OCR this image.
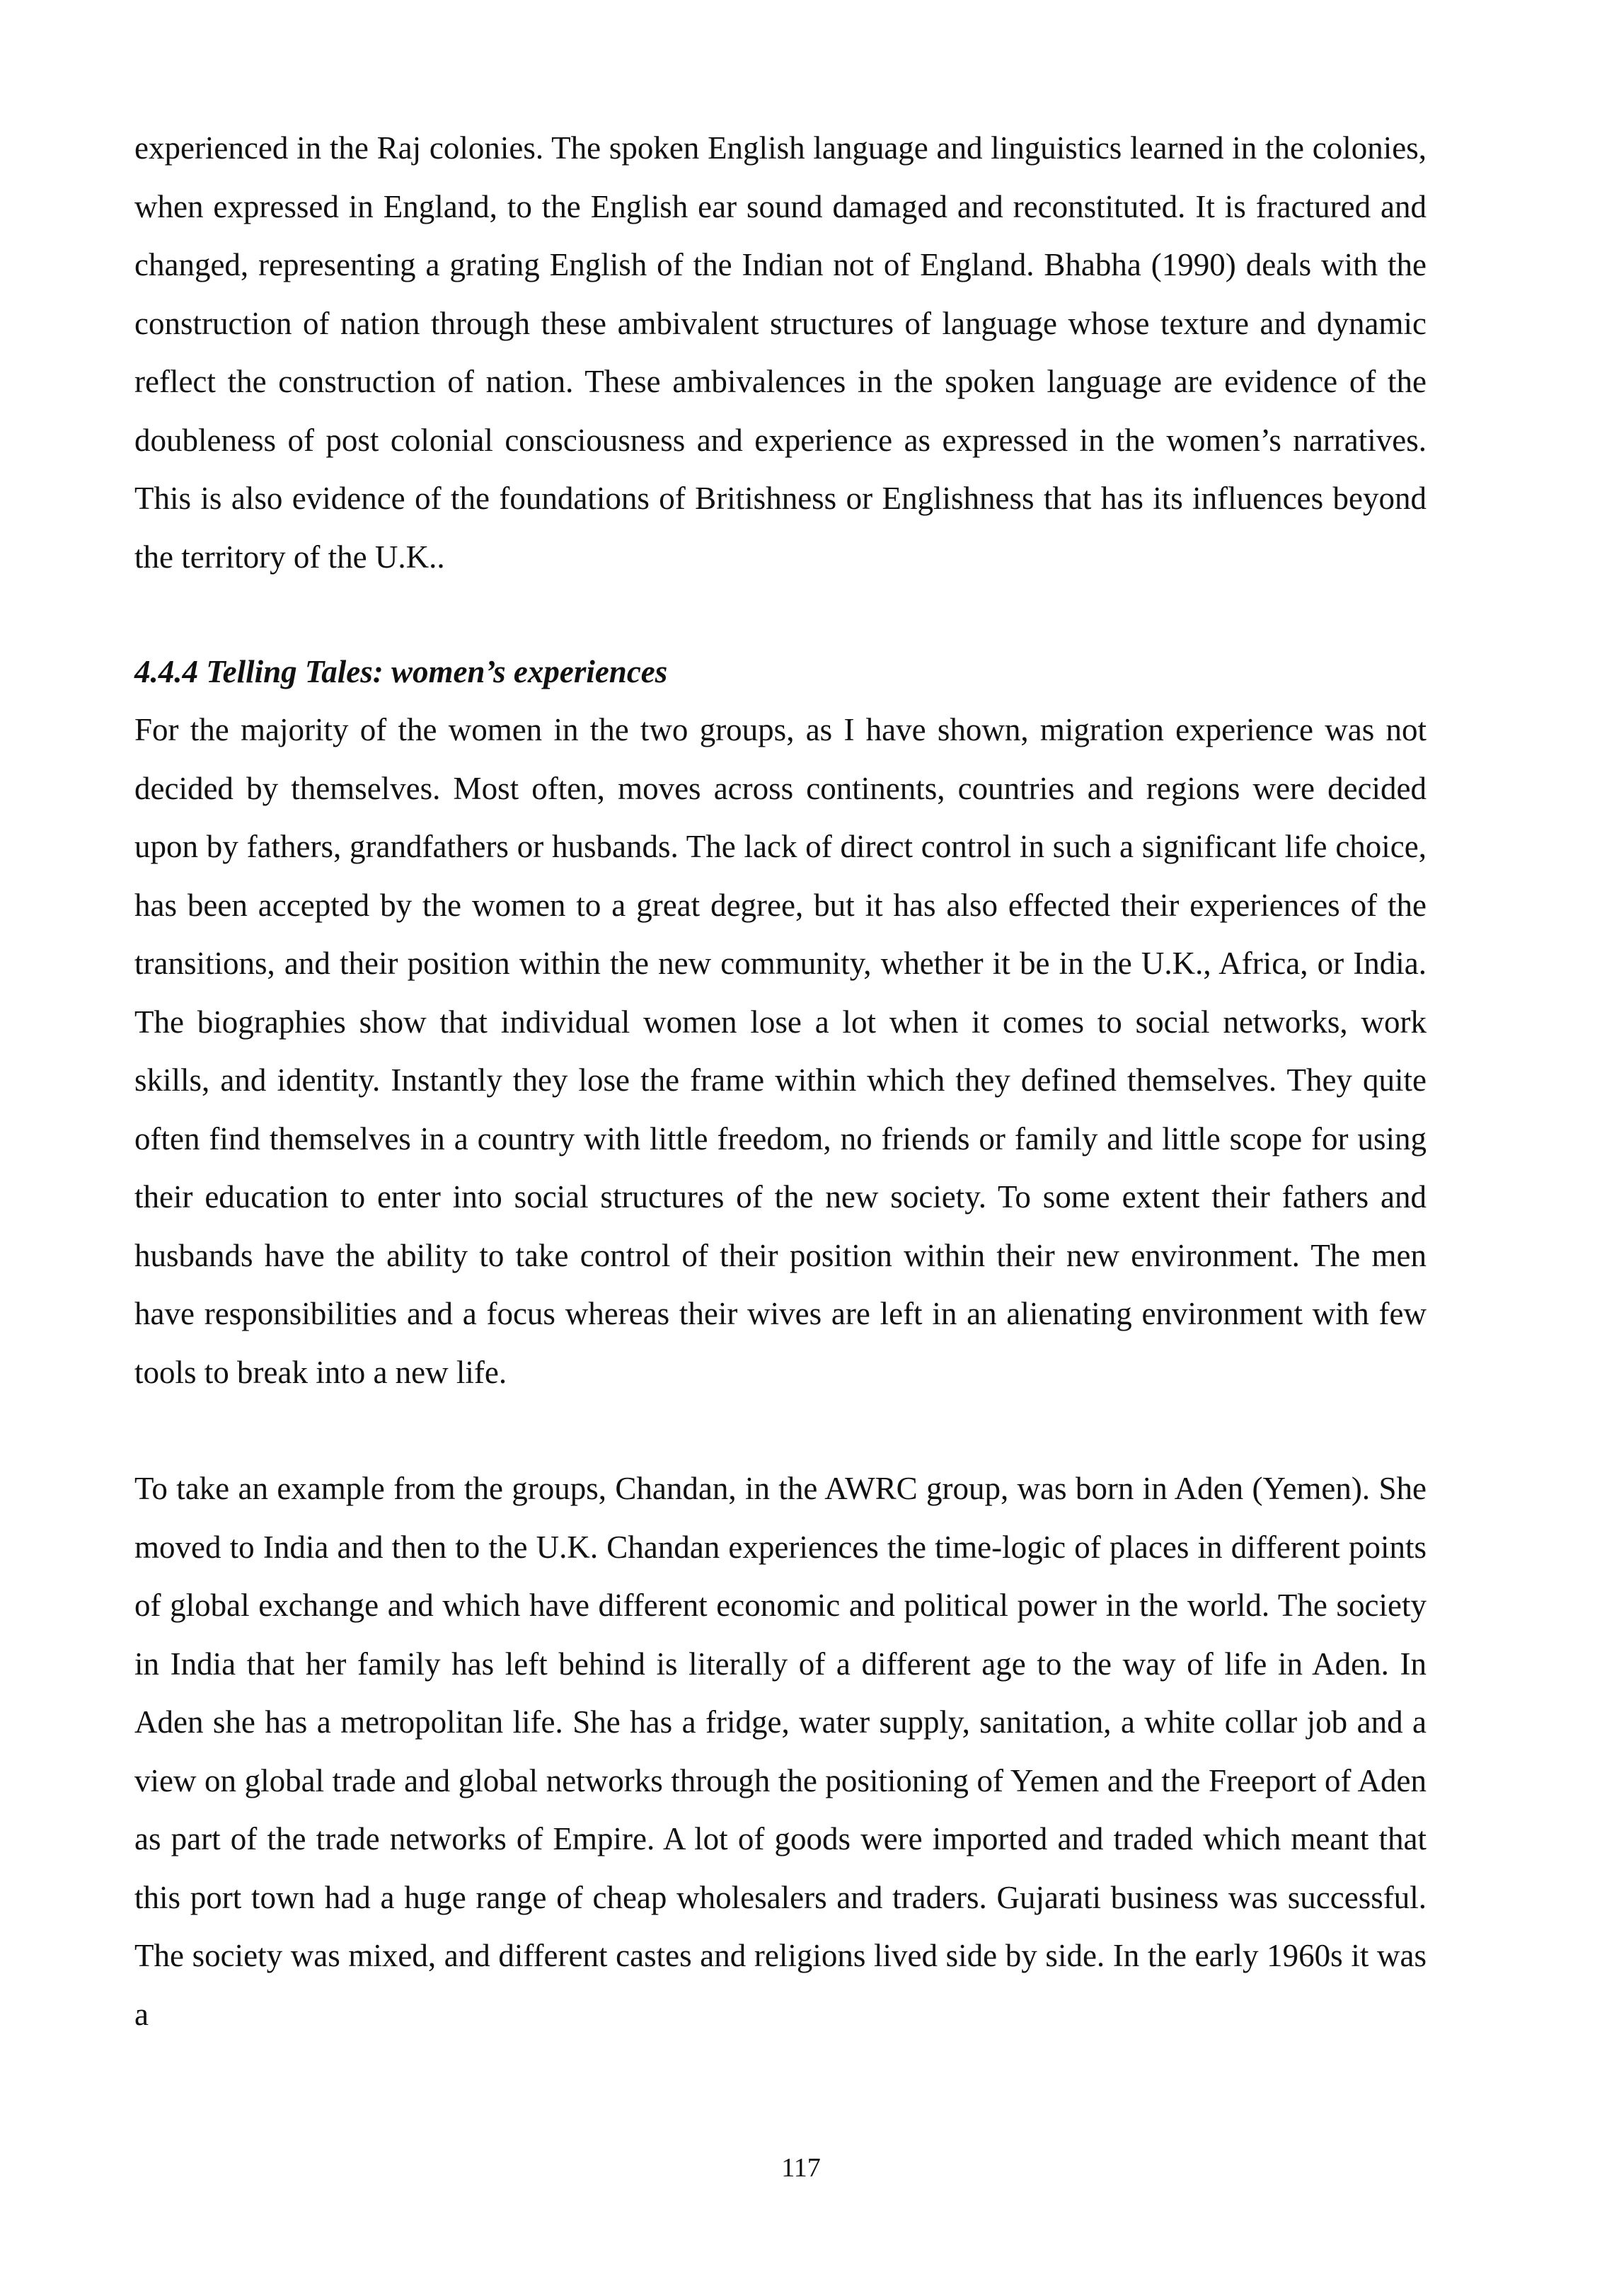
experienced in the Raj colonies. The spoken English language and linguistics learned in the colonies, when expressed in England, to the English ear sound damaged and reconstituted. It is fractured and changed, representing a grating English of the Indian not of England. Bhabha (1990) deals with the construction of nation through these ambivalent structures of language whose texture and dynamic reflect the construction of nation. These ambivalences in the spoken language are evidence of the doubleness of post colonial consciousness and experience as expressed in the women’s narratives. This is also evidence of the foundations of Britishness or Englishness that has its influences beyond the territory of the U.K..

4.4.4 Telling Tales: women’s experiences

For the majority of the women in the two groups, as I have shown, migration experience was not decided by themselves. Most often, moves across continents, countries and regions were decided upon by fathers, grandfathers or husbands. The lack of direct control in such a significant life choice, has been accepted by the women to a great degree, but it has also effected their experiences of the transitions, and their position within the new community, whether it be in the U.K., Africa, or India. The biographies show that individual women lose a lot when it comes to social networks, work skills, and identity. Instantly they lose the frame within which they defined themselves. They quite often find themselves in a country with little freedom, no friends or family and little scope for using their education to enter into social structures of the new society. To some extent their fathers and husbands have the ability to take control of their position within their new environment. The men have responsibilities and a focus whereas their wives are left in an alienating environment with few tools to break into a new life.

To take an example from the groups, Chandan, in the AWRC group, was born in Aden (Yemen). She moved to India and then to the U.K. Chandan experiences the time-logic of places in different points of global exchange and which have different economic and political power in the world. The society in India that her family has left behind is literally of a different age to the way of life in Aden. In Aden she has a metropolitan life. She has a fridge, water supply, sanitation, a white collar job and a view on global trade and global networks through the positioning of Yemen and the Freeport of Aden as part of the trade networks of Empire. A lot of goods were imported and traded which meant that this port town had a huge range of cheap wholesalers and traders. Gujarati business was successful. The society was mixed, and different castes and religions lived side by side. In the early 1960s it was a

117
